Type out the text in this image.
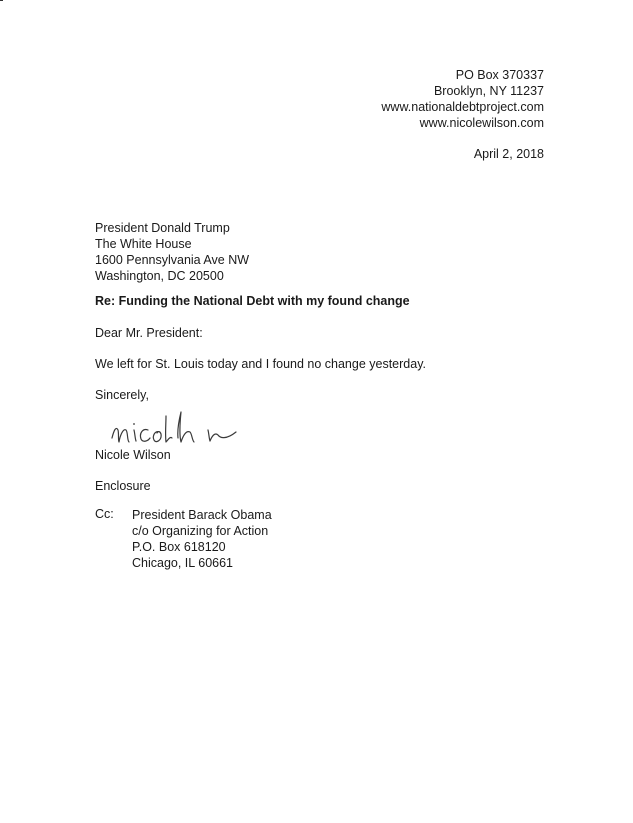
PO Box 370337
Brooklyn, NY 11237
www.nationaldebtproject.com
www.nicolewilson.com
April 2, 2018
President Donald Trump
The White House
1600 Pennsylvania Ave NW
Washington, DC 20500
Re: Funding the National Debt with my found change
Dear Mr. President:
We left for St. Louis today and I found no change yesterday.
Sincerely,
Nicole Wilson
Enclosure
Cc: President Barack Obama
c/o Organizing for Action
P.O. Box 618120
Chicago, IL 60661
